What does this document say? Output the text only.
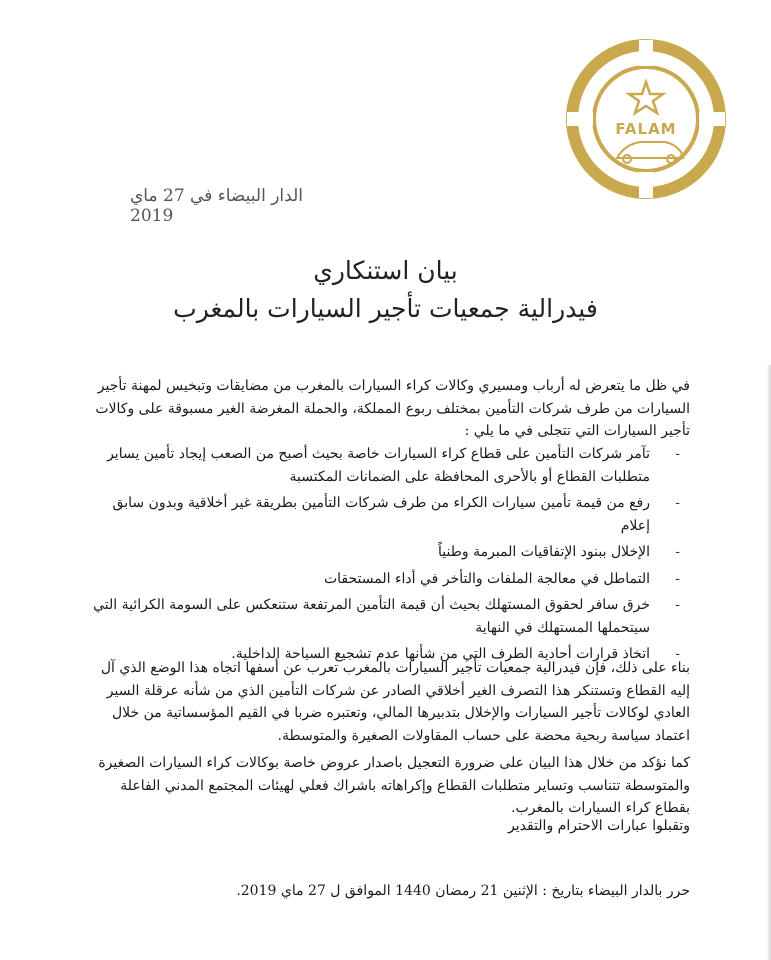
FALAM
الدار البيضاء في 27 ماي 2019
بيان استنكاري
فيدرالية جمعيات تأجير السيارات بالمغرب

في ظل ما يتعرض له أرباب ومسيري وكالات كراء السيارات بالمغرب من مضايقات وتبخيس لمهنة تأجير السيارات من طرف شركات التأمين بمختلف ربوع المملكة، والحملة المغرضة الغير مسبوقة على وكالات تأجير السيارات التي تتجلى في ما يلي :

- تآمر شركات التأمين على قطاع كراء السيارات خاصة بحيث أصبح من الصعب إيجاد تأمين يساير متطلبات القطاع أو بالأحرى المحافظة على الضمانات المكتسبة
- رفع من قيمة تأمين سيارات الكراء من طرف شركات التأمين بطريقة غير أخلاقية وبدون سابق إعلام
- الإخلال ببنود الإتفاقيات المبرمة وطنياً
- التماطل في معالجة الملفات والتأخر في أداء المستحقات
- خرق سافر لحقوق المستهلك بحيث أن قيمة التأمين المرتفعة ستنعكس على السومة الكرائية التي سيتحملها المستهلك في النهاية
- اتخاذ قرارات أحادية الطرف التي من شأنها عدم تشجيع السياحة الداخلية.

بناء على ذلك، فإن فيدرالية جمعيات تأجير السيارات بالمغرب تعرب عن أسفها اتجاه هذا الوضع الذي آل إليه القطاع وتستنكر هذا التصرف الغير أخلاقي الصادر عن شركات التأمين الذي من شأنه عرقلة السير العادي لوكالات تأجير السيارات والإخلال بتدبيرها المالي، وتعتبره ضربا في القيم المؤسساتية من خلال اعتماد سياسة ربحية محضة على حساب المقاولات الصغيرة والمتوسطة.

كما نؤكد من خلال هذا البيان على ضرورة التعجيل باصدار عروض خاصة بوكالات كراء السيارات الصغيرة والمتوسطة تتناسب وتساير متطلبات القطاع وإكراهاته باشراك فعلي لهيئات المجتمع المدني الفاعلة بقطاع كراء السيارات بالمغرب.

وتقبلوا عبارات الاحترام والتقدير
حرر بالدار البيضاء بتاريخ : الإثنين 21 رمضان 1440 الموافق ل 27 ماي 2019.
